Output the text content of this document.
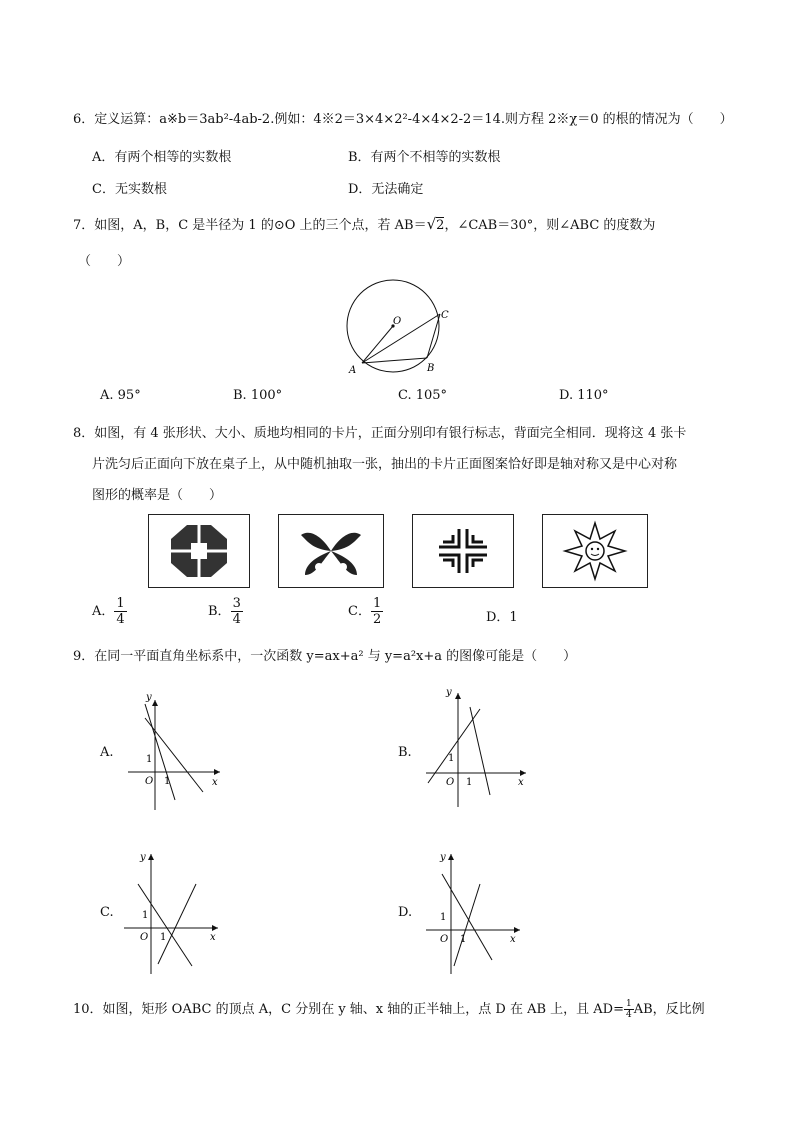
6．定义运算：a※b＝3ab²-4ab-2.例如：4※2＝3×4×2²-4×4×2-2＝14.则方程 2※χ＝0 的根的情况为（　　）
A．有两个相等的实数根	B．有两个不相等的实数根
C．无实数根	D．无法确定
7．如图，A，B，C 是半径为 1 的⊙O 上的三个点，若 AB＝√2，∠CAB＝30°，则∠ABC 的度数为
（　　）
O
A	B
C
A. 95°	B. 100°	C. 105°	D. 110°
8．如图，有 4 张形状、大小、质地均相同的卡片，正面分别印有银行标志，背面完全相同．现将这 4 张卡
片洗匀后正面向下放在桌子上，从中随机抽取一张，抽出的卡片正面图案恰好即是轴对称又是中心对称
图形的概率是（　　）
A． $\frac{1}{4}$	B． $\frac{3}{4}$	C． $\frac{1}{2}$	D．1
9．在同一平面直角坐标系中，一次函数 y=ax+a² 与 y=a²x+a 的图像可能是（　　）
A.
y
x
O 1
1	B.
y
x
O 1
1
C.
y
x
O 1
1	D.
y
x
O 1
1
10．如图，矩形 OABC 的顶点 A，C 分别在 y 轴、x 轴的正半轴上，点 D 在 AB 上，且 $AD= \frac{1}{4}$ AB，反比例
